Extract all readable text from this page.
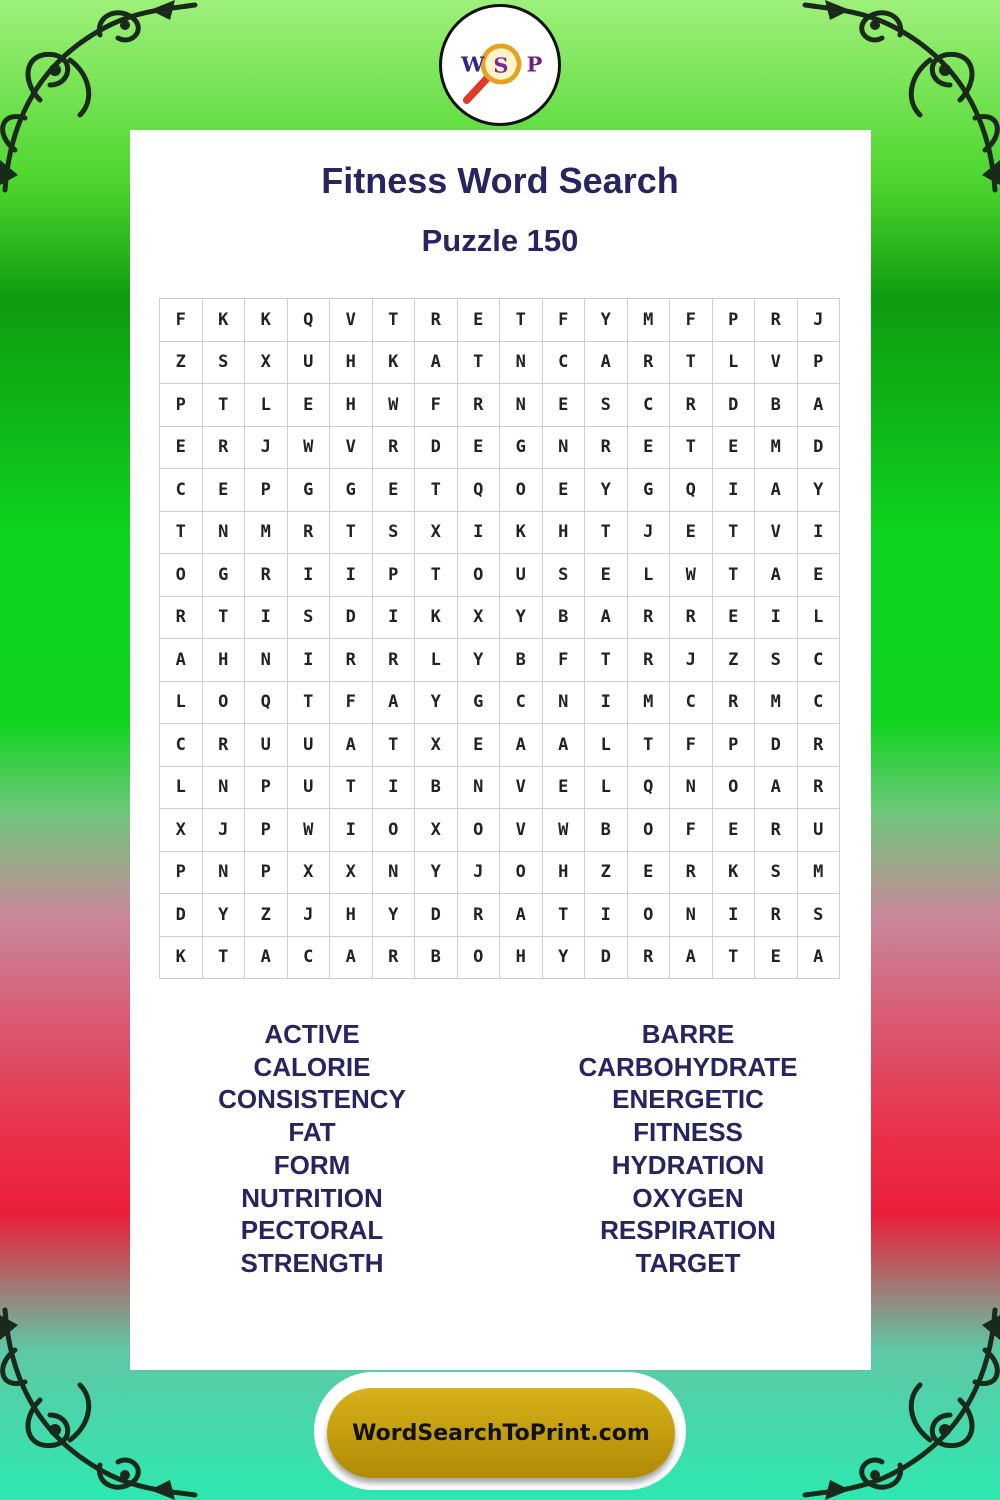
W S P
Fitness Word Search
Puzzle 150
F	K	K	Q	V	T	R	E	T	F	Y	M	F	P	R	J
Z	S	X	U	H	K	A	T	N	C	A	R	T	L	V	P
P	T	L	E	H	W	F	R	N	E	S	C	R	D	B	A
E	R	J	W	V	R	D	E	G	N	R	E	T	E	M	D
C	E	P	G	G	E	T	Q	O	E	Y	G	Q	I	A	Y
T	N	M	R	T	S	X	I	K	H	T	J	E	T	V	I
O	G	R	I	I	P	T	O	U	S	E	L	W	T	A	E
R	T	I	S	D	I	K	X	Y	B	A	R	R	E	I	L
A	H	N	I	R	R	L	Y	B	F	T	R	J	Z	S	C
L	O	Q	T	F	A	Y	G	C	N	I	M	C	R	M	C
C	R	U	U	A	T	X	E	A	A	L	T	F	P	D	R
L	N	P	U	T	I	B	N	V	E	L	Q	N	O	A	R
X	J	P	W	I	O	X	O	V	W	B	O	F	E	R	U
P	N	P	X	X	N	Y	J	O	H	Z	E	R	K	S	M
D	Y	Z	J	H	Y	D	R	A	T	I	O	N	I	R	S
K	T	A	C	A	R	B	O	H	Y	D	R	A	T	E	A
ACTIVE
CALORIE
CONSISTENCY
FAT
FORM
NUTRITION
PECTORAL
STRENGTH
BARRE
CARBOHYDRATE
ENERGETIC
FITNESS
HYDRATION
OXYGEN
RESPIRATION
TARGET
WordSearchToPrint.com
